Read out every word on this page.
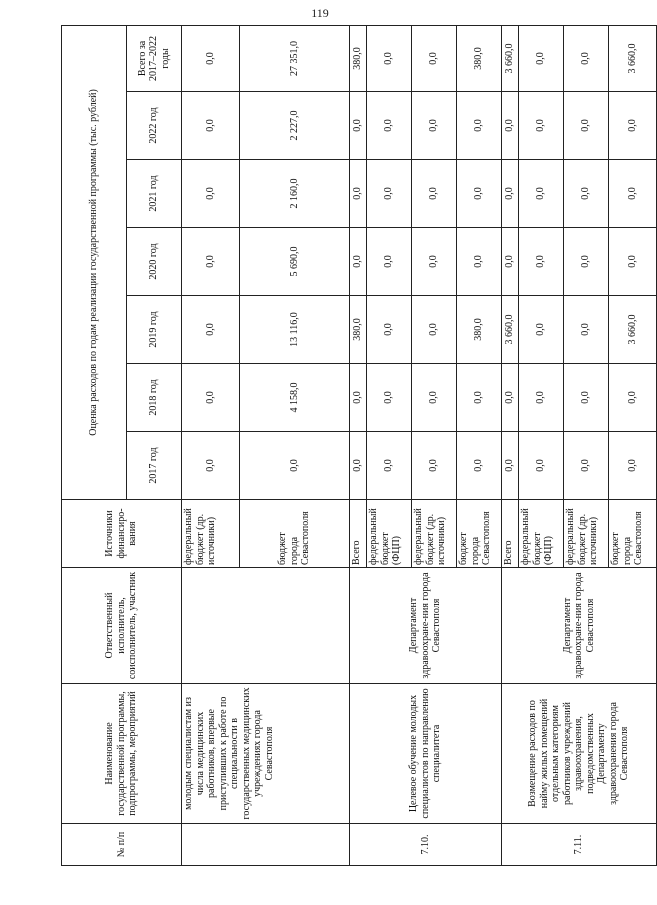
119
№ п/п	Наименование государственной программы, подпрограммы, мероприятий	Ответственный исполнитель, соисполнитель, участник	Источники финансиро-вания	Оценка расходов по годам реализации государственной программы (тыс. рублей)						
				2017 год	2018 год	2019 год	2020 год	2021 год	2022 год	Всего за 2017–2022 годы
	молодым специалистам из числа медицинских работников, впервые приступивших к работе по специальности в государственных медицинских учреждениях города Севастополя		федеральный бюджет (др. источники)	0,0	0,0	0,0	0,0	0,0	0,0	0,0
			бюджет города Севастополя	0,0	4 158,0	13 116,0	5 690,0	2 160,0	2 227,0	27 351,0
7.10.	Целевое обучение молодых специалистов по направлению специалитета	Департамент здравоохране-ния города Севастополя	Всего	0,0	0,0	380,0	0,0	0,0	0,0	380,0
			федеральный бюджет (ФЦП)	0,0	0,0	0,0	0,0	0,0	0,0	0,0
			федеральный бюджет (др. источники)	0,0	0,0	0,0	0,0	0,0	0,0	0,0
			бюджет города Севастополя	0,0	0,0	380,0	0,0	0,0	0,0	380,0
7.11.	Возмещение расходов по найму жилых помещений отдельным категориям работников учреждений здравоохранения, подведомственных Департаменту здравоохранения города Севастополя	Департамент здравоохране-ния города Севастополя	Всего	0,0	0,0	3 660,0	0,0	0,0	0,0	3 660,0
			федеральный бюджет (ФЦП)	0,0	0,0	0,0	0,0	0,0	0,0	0,0
			федеральный бюджет (др. источники)	0,0	0,0	0,0	0,0	0,0	0,0	0,0
			бюджет города Севастополя	0,0	0,0	3 660,0	0,0	0,0	0,0	3 660,0
